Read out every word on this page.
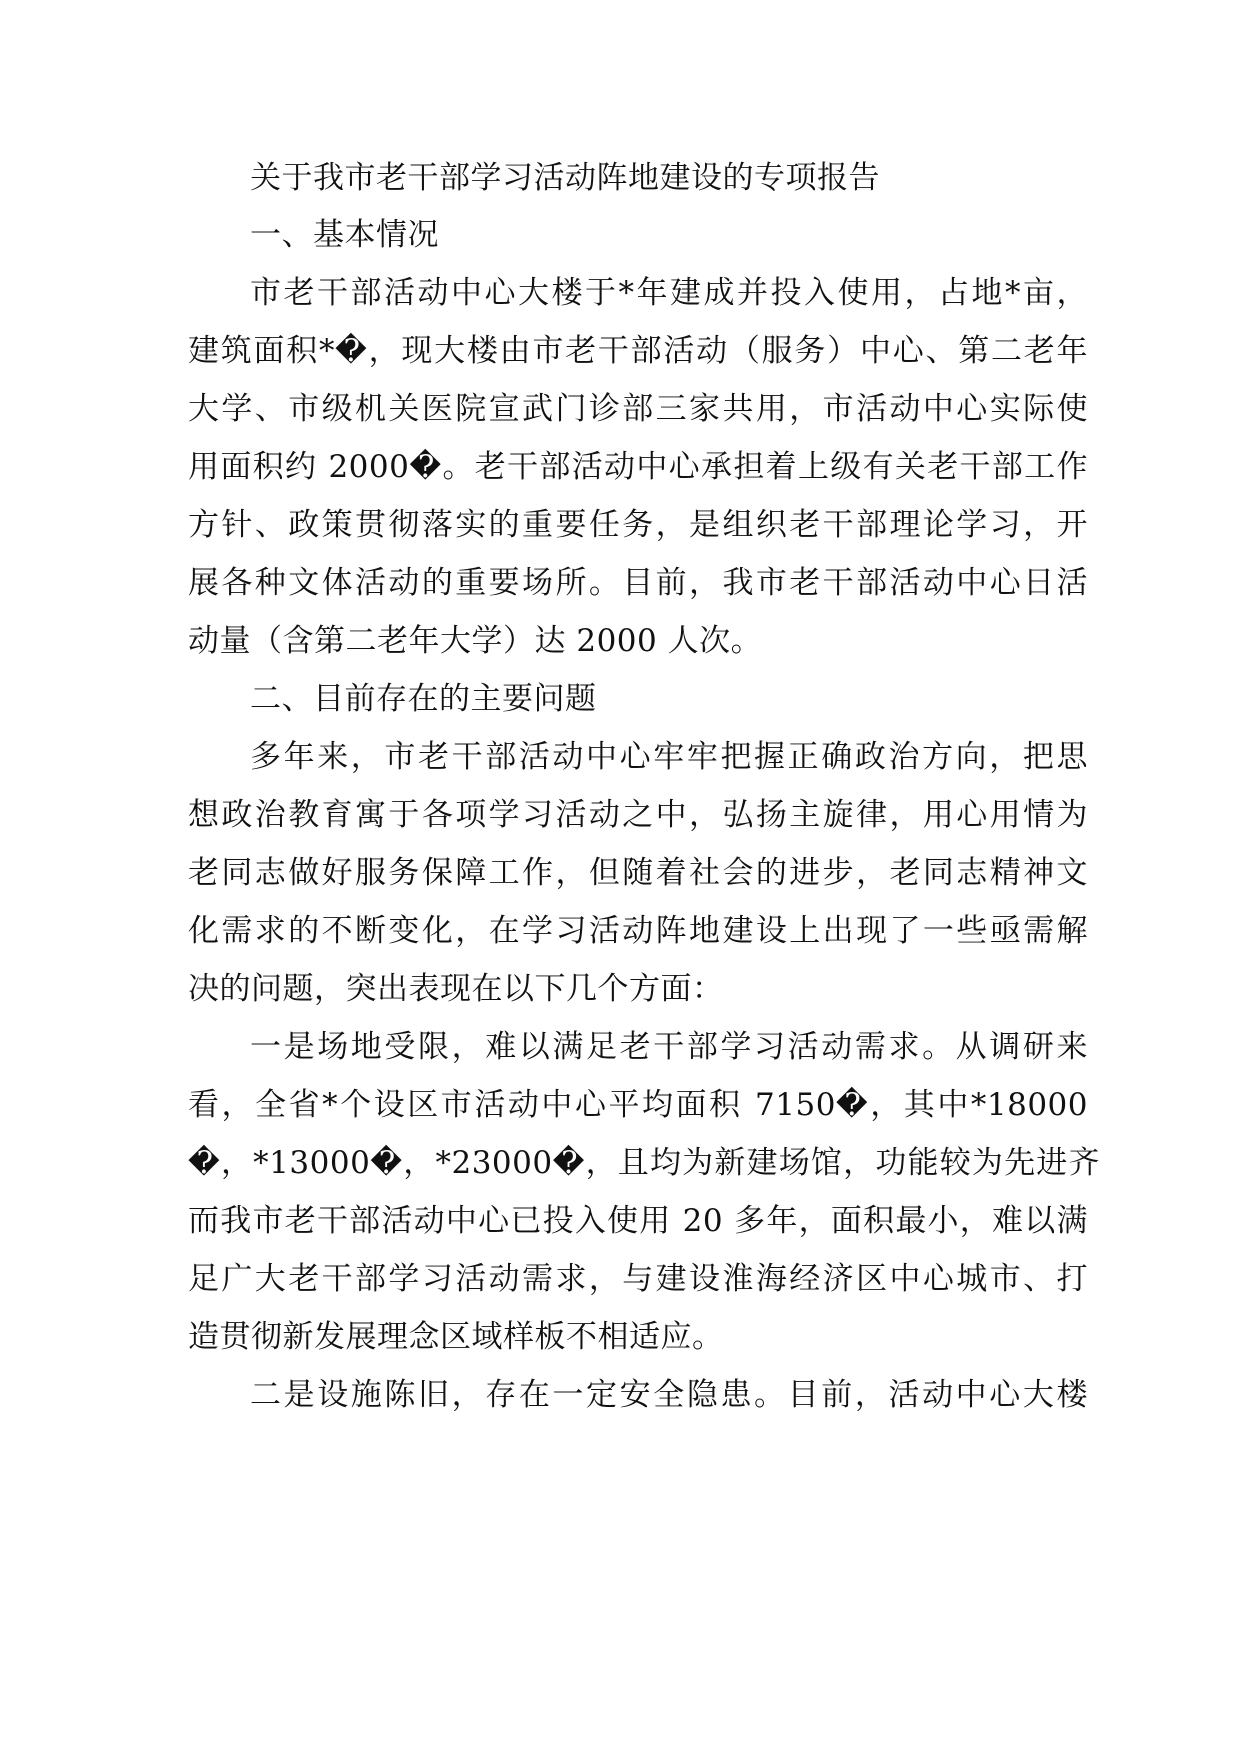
关于我市老干部学习活动阵地建设的专项报告
一、基本情况
市老干部活动中心大楼于*年建成并投入使用，占地*亩，
建筑面积*�，现大楼由市老干部活动（服务）中心、第二老年
大学、市级机关医院宣武门诊部三家共用，市活动中心实际使
用面积约 2000�。老干部活动中心承担着上级有关老干部工作
方针、政策贯彻落实的重要任务，是组织老干部理论学习，开
展各种文体活动的重要场所。目前，我市老干部活动中心日活
动量（含第二老年大学）达 2000 人次。
二、目前存在的主要问题
多年来，市老干部活动中心牢牢把握正确政治方向，把思
想政治教育寓于各项学习活动之中，弘扬主旋律，用心用情为
老同志做好服务保障工作，但随着社会的进步，老同志精神文
化需求的不断变化，在学习活动阵地建设上出现了一些亟需解
决的问题，突出表现在以下几个方面：
一是场地受限，难以满足老干部学习活动需求。从调研来
看，全省*个设区市活动中心平均面积 7150�，其中*18000
�，*13000�，*23000�，且均为新建场馆，功能较为先进齐
而我市老干部活动中心已投入使用 20 多年，面积最小，难以满
足广大老干部学习活动需求，与建设淮海经济区中心城市、打
造贯彻新发展理念区域样板不相适应。
二是设施陈旧，存在一定安全隐患。目前，活动中心大楼
